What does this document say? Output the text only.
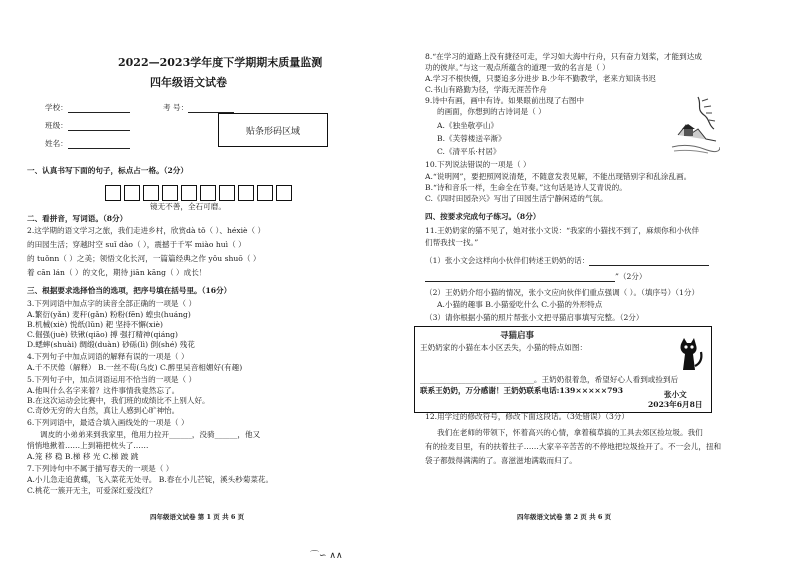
2022—2023学年度下学期期末质量监测
四年级语文试卷
学校：	考 号：
班级：
姓名：
贴条形码区域
一、认真书写下面的句子，标点占一格。（2分）
镜无不善，全石可磨。
二、看拼音，写词语。（8分）
2.这学期的语文学习之旅，我们走进乡村，欣赏dà tǒ（ ）、héxiè（ ）
的田园生活；穿越时空 suǐ dào（ ），震撼于千军 miào huì（ ）
的 tuǒnn（ ）之美；领悟文化长河，一篇篇经典之作 yǒu shuō（ ）
着 cān lán（ ）的文化，期待 jiān kāng（ ）成长！
三、根据要求选择恰当的选项，把序号填在括号里。（16分）
3.下列词语中加点字的读音全部正确的一项是（ ）
A.繁衍(yǎn) 麦秆(gǎn) 粉粉(fēn) 蝗虫(huáng)
B.机械(xiè) 悦纸(lǔn) 耙 坚持不懈(xiè)
C.倔强(juè) 铁锹(qiāo) 搏 强打精神(qiáng)
D.蟋蟀(shuài) 绸缎(duàn) 砂砾(lì) 倒(shé) 残花
4.下列句子中加点词语的解释有误的一项是（ ）
A.千不厌倦（解释） B.一丝不苟(乌皮) C.醉里吴音相媚好(有趣)
5.下列句子中，加点词语运用不恰当的一项是（ ）
A.他叫什么名字来着？这件事情我竟然忘了。
B.在这次运动会比赛中，我们班的成绩比不上别人好。
C.奇妙无穷的大自然，真让人感到心旷神怡。
6.下列词语中，最适合填入画线处的一项是（ ）
调皮的小弟弟来到我家里，他用力拉开______，没骑______，他又
悄悄地揪着……上到箱把枕头了……
A.笼 移 稳 B.梯 移 光 C.梯 跛 跳
7.下列诗句中不属于描写春天的一项是（ ）
A.小儿急走追黄蝶，飞入菜花无处寻。 B.春在小儿芒锭，溪头秒菊菜花。
C.桃花一簇开无主，可爱深红爱浅红？
四年级语文试卷 第 1 页 共 6 页
8.“在学习的道路上没有捷径可走，学习如大海中行舟，只有奋力划桨，才能到达成
功的彼岸。”与这一观点所蕴含的道理一致的名言是（ ）
A.学习不根快慢，只要追多分进步 B.少年不勤教学，老来方知读书迟
C.书山有路勤为径，学海无涯苦作舟
9.诗中有画，画中有诗。如果眼前出现了右图中
的画面，你想到的古诗词是（ ）
A.《独坐敬亭山》
B.《芙蓉楼送辛渐》
C.《清平乐·村居》
10.下列说法错误的一项是（ ）
A.“说明网”，要把照网说清楚，不随意发表见解，不能出现错别字和乱涂乱画。
B.“诗和音乐一样，生命全在节奏。”这句话是诗人艾青说的。
C.《四时田园杂兴》写出了田园生活宁静闲适的气氛。
四、按要求完成句子练习。（8分）
11.王奶奶家的猫不见了，她对张小文说：“我家的小猫找不到了，麻烦你和小伙伴
们帮我找一找。”
（1）张小文会这样向小伙伴们转述王奶奶的话：
”（2分）
（2）王奶奶介绍小猫的情况，张小文应向伙伴们重点强调（ ）。（填序号）（1分）
A.小猫的趣事 B.小猫爱吃什么 C.小猫的外形特点
（3）请你根据小猫的照片帮张小文把寻猫启事填写完整。（2分）
12.用学过的修改符号，修改下面这段话。（3处错误）（3分）
我们在老师的带领下，怀着高兴的心情，拿着稿草搞的工具去郊区捡垃圾。我们
有的捡麦目里，有的扶着拄子……大家辛辛苦苦的不停地把垃圾捡开了。不一会儿，扭和
袋子都鼓得满满的了。喜滋滋地满载而归了。
四年级语文试卷 第 2 页 共 6 页
寻猫启事
王奶奶家的小猫在本小区丢失，小猫的特点如图：
______________________________。王奶奶很着急，希望好心人看到或捡到后
联系王奶奶，万分感谢！王奶奶联系电话:139×××××793	张小文
2023年6月8日
⌒∽ ∧∧
